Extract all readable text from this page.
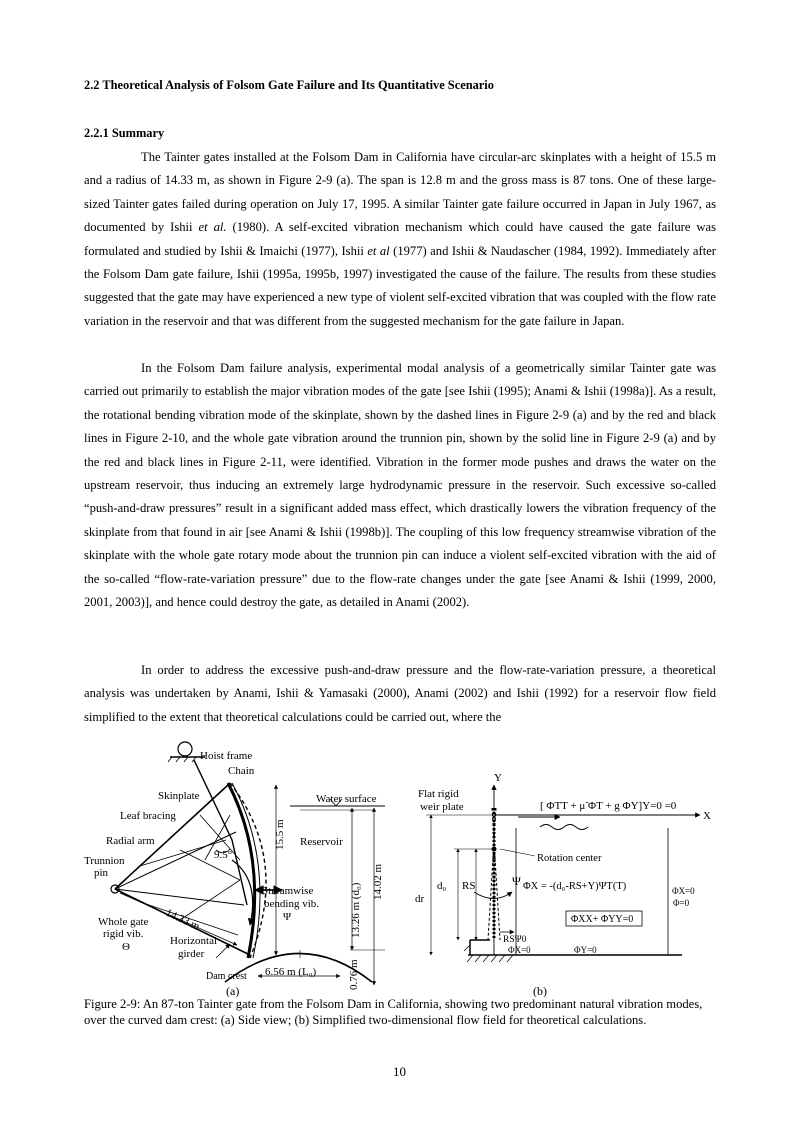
2.2 Theoretical Analysis of Folsom Gate Failure and Its Quantitative Scenario
2.2.1 Summary

The Tainter gates installed at the Folsom Dam in California have circular-arc skinplates with a height of 15.5 m and a radius of 14.33 m, as shown in Figure 2-9 (a). The span is 12.8 m and the gross mass is 87 tons. One of these large-sized Tainter gates failed during operation on July 17, 1995. A similar Tainter gate failure occurred in Japan in July 1967, as documented by Ishii et al. (1980). A self-excited vibration mechanism which could have caused the gate failure was formulated and studied by Ishii & Imaichi (1977), Ishii et al (1977) and Ishii & Naudascher (1984, 1992). Immediately after the Folsom Dam gate failure, Ishii (1995a, 1995b, 1997) investigated the cause of the failure. The results from these studies suggested that the gate may have experienced a new type of violent self-excited vibration that was coupled with the flow rate variation in the reservoir and that was different from the suggested mechanism for the gate failure in Japan.

In the Folsom Dam failure analysis, experimental modal analysis of a geometrically similar Tainter gate was carried out primarily to establish the major vibration modes of the gate [see Ishii (1995); Anami & Ishii (1998a)]. As a result, the rotational bending vibration mode of the skinplate, shown by the dashed lines in Figure 2-9 (a) and by the red and black lines in Figure 2-10, and the whole gate vibration around the trunnion pin, shown by the solid line in Figure 2-9 (a) and by the red and black lines in Figure 2-11, were identified. Vibration in the former mode pushes and draws the water on the upstream reservoir, thus inducing an extremely large hydrodynamic pressure in the reservoir. Such excessive so-called “push-and-draw pressures” result in a significant added mass effect, which drastically lowers the vibration frequency of the skinplate from that found in air [see Anami & Ishii (1998b)]. The coupling of this low frequency streamwise vibration of the skinplate with the whole gate rotary mode about the trunnion pin can induce a violent self-excited vibration with the aid of the so-called “flow-rate-variation pressure” due to the flow-rate changes under the gate [see Anami & Ishii (1999, 2000, 2001, 2003)], and hence could destroy the gate, as detailed in Anami (2002).

In order to address the excessive push-and-draw pressure and the flow-rate-variation pressure, a theoretical analysis was undertaken by Anami, Ishii & Yamasaki (2000), Anami (2002) and Ishii (1992) for a reservoir flow field simplified to the extent that theoretical calculations could be carried out, where the

Hoist frame
Chain
Skinplate
Leaf bracing
Radial arm
Trunnion
pin
9.5°
15.5 m
Water surface
Reservoir
13.26 m (d₀)
14.02 m
Streamwise
bending vib.
Ψ
Whole gate
rigid vib.
Θ
14.33 m
Horizontal
girder
Dam crest 6.56 m (L₀)	0.76 m
(a)
Y
X
Flat rigid
weir plate	[ ΦTT + μ̃ ΦT + g ΦY]Y=0 =0
Rotation center
d₀ RS	Ψ
dr
ΦX = -(d₀-RS+Y)ΨT(T)	ΦX=0
Φ=0
ΦXX+ ΦYY=0
RSΨ0
ΦX=0	ΦY=0
(b)

Figure 2-9: An 87-ton Tainter gate from the Folsom Dam in California, showing two predominant natural vibration modes, over the curved dam crest: (a) Side view; (b) Simplified two-dimensional flow field for theoretical calculations.

10
